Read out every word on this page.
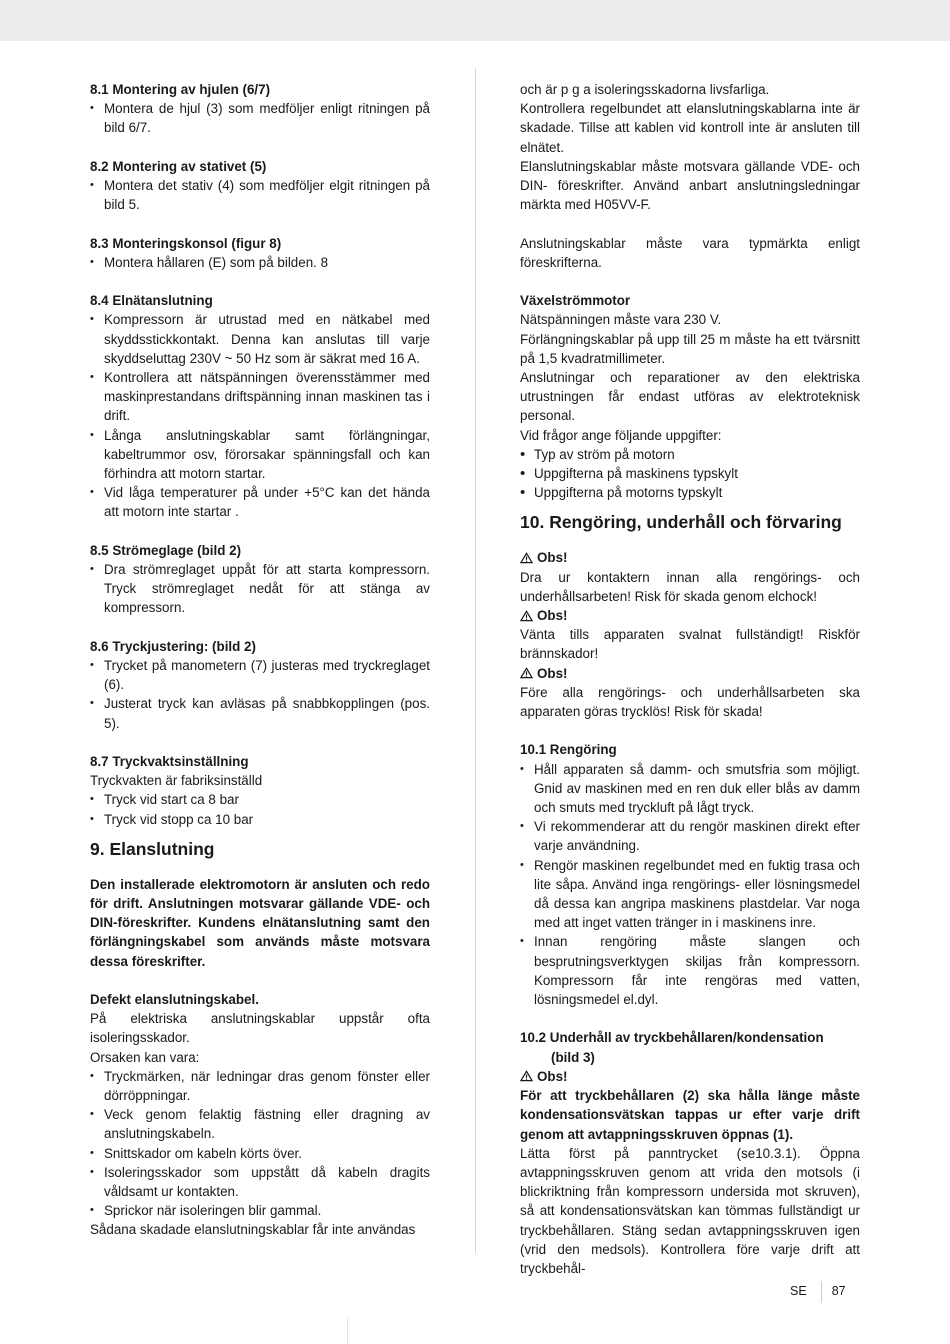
8.1 Montering av hjulen (6/7)

• Montera de hjul (3) som medföljer enligt ritningen på bild 6/7.

8.2 Montering av stativet (5)

• Montera det stativ (4) som medföljer elgit ritningen på bild 5.

8.3 Monteringskonsol (figur 8)

• Montera hållaren (E) som på bilden. 8

8.4 Elnätanslutning

• Kompressorn är utrustad med en nätkabel med skyddsstickkontakt. Denna kan anslutas till varje skyddseluttag 230V ~ 50 Hz som är säkrat med 16 A.
• Kontrollera att nätspänningen överensstämmer med maskinprestandans driftspänning innan maskinen tas i drift.
• Långa anslutningskablar samt förlängningar, kabeltrummor osv, förorsakar spänningsfall och kan förhindra att motorn startar.
• Vid låga temperaturer på under +5°C kan det hända att motorn inte startar .

8.5 Strömeglage (bild 2)

• Dra strömreglaget uppåt för att starta kompressorn. Tryck strömreglaget nedåt för att stänga av kompressorn.

8.6 Tryckjustering: (bild 2)

• Trycket på manometern (7) justeras med tryckreglaget (6).
• Justerat tryck kan avläsas på snabbkopplingen (pos. 5).

8.7 Tryckvaktsinställning

Tryckvakten är fabriksinställd

• Tryck vid start ca 8 bar
• Tryck vid stopp ca 10 bar

9. Elanslutning

Den installerade elektromotorn är ansluten och redo för drift. Anslutningen motsvarar gällande VDE- och DIN-föreskrifter. Kundens elnätanslutning samt den förlängningskabel som används måste motsvara dessa föreskrifter.

Defekt elanslutningskabel.

På elektriska anslutningskablar uppstår ofta isoleringsskador.

Orsaken kan vara:

• Tryckmärken, när ledningar dras genom fönster eller dörröppningar.
• Veck genom felaktig fästning eller dragning av anslutningskabeln.
• Snittskador om kabeln körts över.
• Isoleringsskador som uppstått då kabeln dragits våldsamt ur kontakten.
• Sprickor när isoleringen blir gammal.

Sådana skadade elanslutningskablar får inte användas

och är p g a isoleringsskadorna livsfarliga.

Kontrollera regelbundet att elanslutningskablarna inte är skadade. Tillse att kablen vid kontroll inte är ansluten till elnätet.

Elanslutningskablar måste motsvara gällande VDE- och DIN- föreskrifter. Använd anbart anslutningsledningar märkta med H05VV-F.

Anslutningskablar måste vara typmärkta enligt föreskrifterna.

Växelströmmotor

Nätspänningen måste vara 230 V.

Förlängningskablar på upp till 25 m måste ha ett tvärsnitt på 1,5 kvadratmillimeter.

Anslutningar och reparationer av den elektriska utrustningen får endast utföras av elektroteknisk personal.

Vid frågor ange följande uppgifter:

• Typ av ström på motorn
• Uppgifterna på maskinens typskylt
• Uppgifterna på motorns typskylt

10. Rengöring, underhåll och förvaring

Obs!

Dra ur kontaktern innan alla rengörings- och underhållsarbeten! Risk för skada genom elchock!

Obs!

Vänta tills apparaten svalnat fullständigt! Riskför brännskador!

Obs!

Före alla rengörings- och underhållsarbeten ska apparaten göras trycklös! Risk för skada!

10.1 Rengöring

• Håll apparaten så damm- och smutsfria som möjligt. Gnid av maskinen med en ren duk eller blås av damm och smuts med tryckluft på lågt tryck.
• Vi rekommenderar att du rengör maskinen direkt efter varje användning.
• Rengör maskinen regelbundet med en fuktig trasa och lite såpa. Använd inga rengörings- eller lösningsmedel då dessa kan angripa maskinens plastdelar. Var noga med att inget vatten tränger in i maskinens inre.
• Innan rengöring måste slangen och besprutningsverktygen skiljas från kompressorn. Kompressorn får inte rengöras med vatten, lösningsmedel el.dyl.

10.2 Underhåll av tryckbehållaren/kondensation

(bild 3)

Obs!

För att tryckbehållaren (2) ska hålla länge måste kondensationsvätskan tappas ur efter varje drift genom att avtappningsskruven öppnas (1).

Lätta först på panntrycket (se10.3.1). Öppna avtappningsskruven genom att vrida den motsols (i blickriktning från kompressorn undersida mot skruven), så att kondensationsvätskan kan tömmas fullständigt ur tryckbehållaren. Stäng sedan avtappningsskruven igen (vrid den medsols). Kontrollera före varje drift att tryckbehål-

SE 87
